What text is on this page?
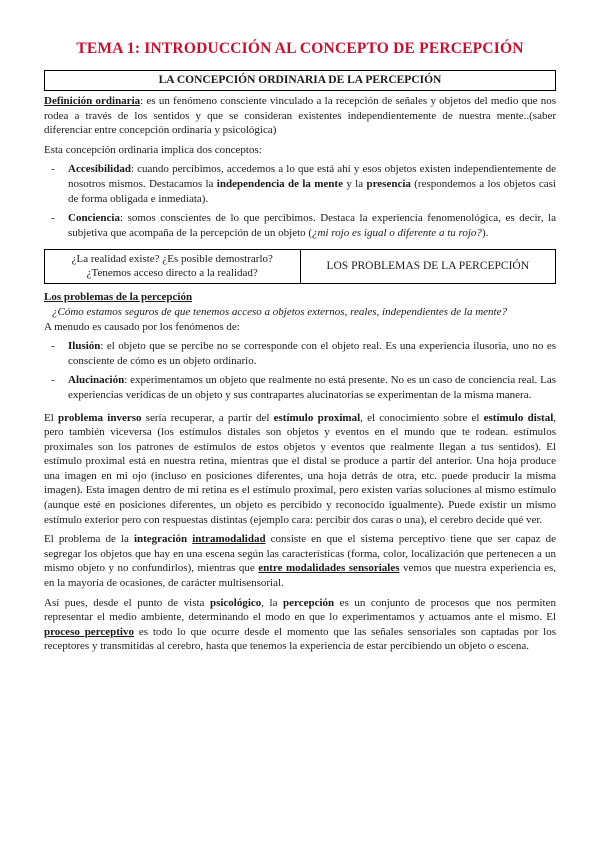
TEMA 1: INTRODUCCIÓN AL CONCEPTO DE PERCEPCIÓN
LA CONCEPCIÓN ORDINARIA DE LA PERCEPCIÓN

Definición ordinaria: es un fenómeno consciente vinculado a la recepción de señales y objetos del medio que nos rodea a través de los sentidos y que se consideran existentes independientemente de nuestra mente..(saber diferenciar entre concepción ordinaria y psicológica)

Esta concepción ordinaria implica dos conceptos:

- Accesibilidad: cuando percibimos, accedemos a lo que está ahí y esos objetos existen independientemente de nosotros mismos. Destacamos la independencia de la mente y la presencia (respondemos a los objetos casi de forma obligada e inmediata).
- Conciencia: somos conscientes de lo que percibimos. Destaca la experiencia fenomenológica, es decir, la subjetiva que acompaña de la percepción de un objeto (¿mi rojo es igual o diferente a tu rojo?).
¿La realidad existe? ¿Es posible demostrarlo?
¿Tenemos acceso directo a la realidad?
	LOS PROBLEMAS DE LA PERCEPCIÓN
Los problemas de la percepción
¿Cómo estamos seguros de que tenemos acceso a objetos externos, reales, independientes de la mente?

A menudo es causado por los fenómenos de:

- Ilusión: el objeto que se percibe no se corresponde con el objeto real. Es una experiencia ilusoria, uno no es consciente de cómo es un objeto ordinario.
- Alucinación: experimentamos un objeto que realmente no está presente. No es un caso de conciencia real. Las experiencias verídicas de un objeto y sus contrapartes alucinatorias se experimentan de la misma manera.

El problema inverso sería recuperar, a partir del estímulo proximal, el conocimiento sobre el estímulo distal, pero también viceversa (los estímulos distales son objetos y eventos en el mundo que te rodean. estímulos proximales son los patrones de estímulos de estos objetos y eventos que realmente llegan a tus sentidos). El estímulo proximal está en nuestra retina, mientras que el distal se produce a partir del anterior. Una hoja produce una imagen en mi ojo (incluso en posiciones diferentes, una hoja detrás de otra, etc. puede producir la misma imagen). Esta imagen dentro de mi retina es el estímulo proximal, pero existen varias soluciones al mismo estímulo (aunque esté en posiciones diferentes, un objeto es percibido y reconocido igualmente). Puede existir un mismo estímulo exterior pero con respuestas distintas (ejemplo cara: percibir dos caras o una), el cerebro decide qué ver.

El problema de la integración intramodalidad consiste en que el sistema perceptivo tiene que ser capaz de segregar los objetos que hay en una escena según las características (forma, color, localización que pertenecen a un mismo objeto y no confundirlos), mientras que entre modalidades sensoriales vemos que nuestra experiencia es, en la mayoría de ocasiones, de carácter multisensorial.

Así pues, desde el punto de vista psicológico, la percepción es un conjunto de procesos que nos permiten representar el medio ambiente, determinando el modo en que lo experimentamos y actuamos ante el mismo. El proceso perceptivo es todo lo que ocurre desde el momento que las señales sensoriales son captadas por los receptores y transmitidas al cerebro, hasta que tenemos la experiencia de estar percibiendo un objeto o escena.
